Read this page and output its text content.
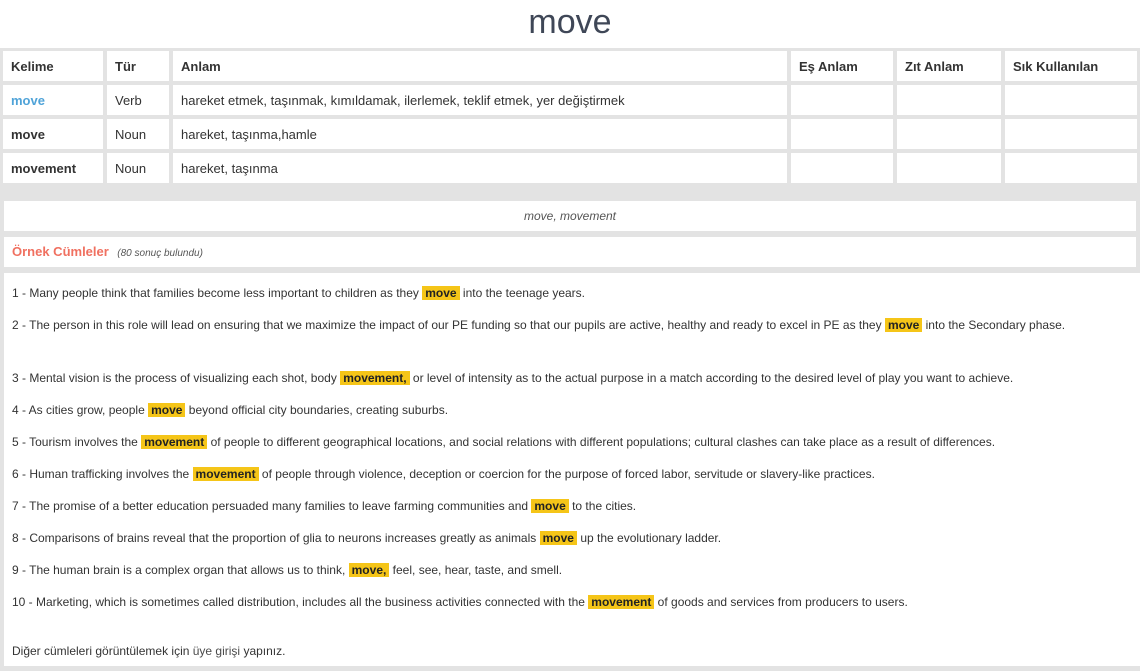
move
Kelime	Tür	Anlam	Eş Anlam	Zıt Anlam	Sık Kullanılan
move	Verb	hareket etmek, taşınmak, kımıldamak, ilerlemek, teklif etmek, yer değiştirmek			
move	Noun	hareket, taşınma,hamle			
movement	Noun	hareket, taşınma			
move, movement
Örnek Cümleler (80 sonuç bulundu)

1 - Many people think that families become less important to children as they move into the teenage years.

2 - The person in this role will lead on ensuring that we maximize the impact of our PE funding so that our pupils are active, healthy and ready to excel in PE as they move into the Secondary phase.

3 - Mental vision is the process of visualizing each shot, body movement, or level of intensity as to the actual purpose in a match according to the desired level of play you want to achieve.

4 - As cities grow, people move beyond official city boundaries, creating suburbs.

5 - Tourism involves the movement of people to different geographical locations, and social relations with different populations; cultural clashes can take place as a result of differences.

6 - Human trafficking involves the movement of people through violence, deception or coercion for the purpose of forced labor, servitude or slavery-like practices.

7 - The promise of a better education persuaded many families to leave farming communities and move to the cities.

8 - Comparisons of brains reveal that the proportion of glia to neurons increases greatly as animals move up the evolutionary ladder.

9 - The human brain is a complex organ that allows us to think, move, feel, see, hear, taste, and smell.

10 - Marketing, which is sometimes called distribution, includes all the business activities connected with the movement of goods and services from producers to users.

Diğer cümleleri görüntülemek için üye girişi yapınız.
